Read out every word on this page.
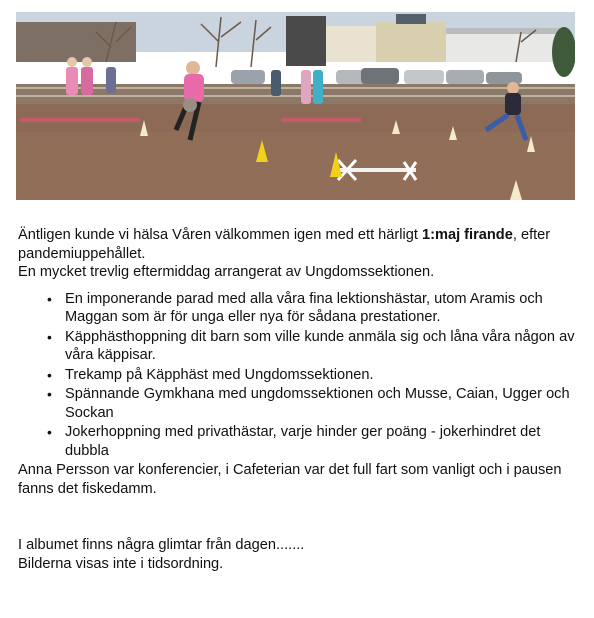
Äntligen kunde vi hälsa Våren välkommen igen med ett härligt 1:maj firande, efter pandemiuppehållet.

En mycket trevlig eftermiddag arrangerat av Ungdomssektionen.

• En imponerande parad med alla våra fina lektionshästar, utom Aramis och Maggan som är för unga eller nya för sådana prestationer.
• Käpphästhoppning dit barn som ville kunde anmäla sig och låna våra någon av våra käppisar.
• Trekamp på Käpphäst med Ungdomssektionen.
• Spännande Gymkhana med ungdomssektionen och Musse, Caian, Ugger och Sockan
• Jokerhoppning med privathästar, varje hinder ger poäng - jokerhindret det dubbla

Anna Persson var konferencier, i Cafeterian var det full fart som vanligt och i pausen fanns det fiskedamm.

I albumet finns några glimtar från dagen.......

Bilderna visas inte i tidsordning.
